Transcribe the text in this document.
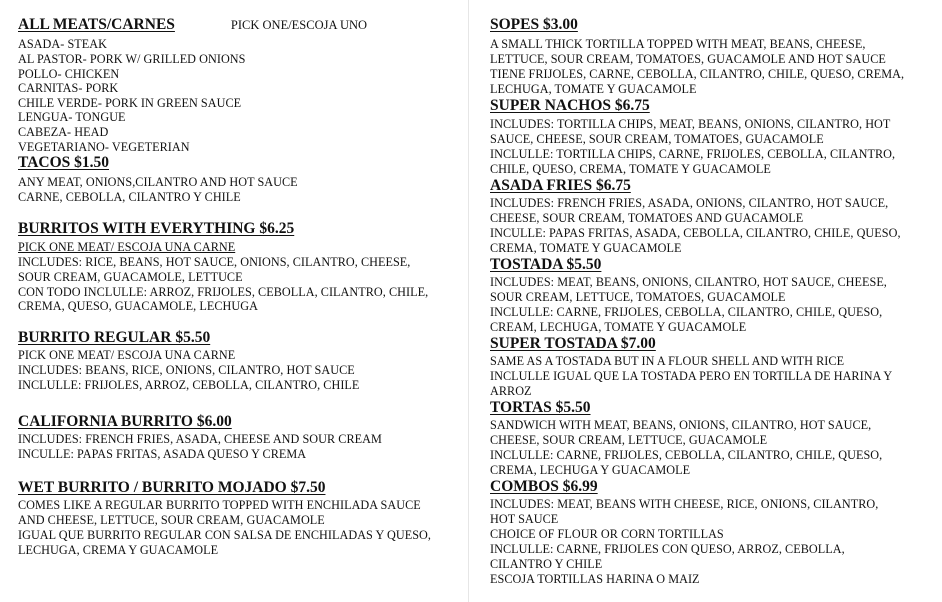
ALL MEATS/CARNES	PICK ONE/ESCOJA UNO
ASADA- STEAK
AL PASTOR- PORK W/ GRILLED ONIONS
POLLO- CHICKEN
CARNITAS- PORK
CHILE VERDE- PORK IN GREEN SAUCE
LENGUA- TONGUE
CABEZA- HEAD
VEGETARIANO- VEGETERIAN
TACOS $1.50
ANY MEAT, ONIONS,CILANTRO AND HOT SAUCE
CARNE, CEBOLLA, CILANTRO Y CHILE
BURRITOS WITH EVERYTHING $6.25
PICK ONE MEAT/ ESCOJA UNA CARNE
INCLUDES: RICE, BEANS, HOT SAUCE, ONIONS, CILANTRO, CHEESE,
SOUR CREAM, GUACAMOLE, LETTUCE
CON TODO INCLULLE: ARROZ, FRIJOLES, CEBOLLA, CILANTRO, CHILE,
CREMA, QUESO, GUACAMOLE, LECHUGA
BURRITO REGULAR $5.50
PICK ONE MEAT/ ESCOJA UNA CARNE
INCLUDES: BEANS, RICE, ONIONS, CILANTRO, HOT SAUCE
INCLULLE: FRIJOLES, ARROZ, CEBOLLA, CILANTRO, CHILE
CALIFORNIA BURRITO $6.00
INCLUDES: FRENCH FRIES, ASADA, CHEESE AND SOUR CREAM
INCULLE: PAPAS FRITAS, ASADA QUESO Y CREMA
WET BURRITO / BURRITO MOJADO $7.50
COMES LIKE A REGULAR BURRITO TOPPED WITH ENCHILADA SAUCE
AND CHEESE, LETTUCE, SOUR CREAM, GUACAMOLE
IGUAL QUE BURRITO REGULAR CON SALSA DE ENCHILADAS Y QUESO,
LECHUGA, CREMA Y GUACAMOLE
SOPES $3.00
A SMALL THICK TORTILLA TOPPED WITH MEAT, BEANS, CHEESE,
LETTUCE, SOUR CREAM, TOMATOES, GUACAMOLE AND HOT SAUCE
TIENE FRIJOLES, CARNE, CEBOLLA, CILANTRO, CHILE, QUESO, CREMA,
LECHUGA, TOMATE Y GUACAMOLE
SUPER NACHOS $6.75
INCLUDES: TORTILLA CHIPS, MEAT, BEANS, ONIONS, CILANTRO, HOT
SAUCE, CHEESE, SOUR CREAM, TOMATOES, GUACAMOLE
INCLULLE: TORTILLA CHIPS, CARNE, FRIJOLES, CEBOLLA, CILANTRO,
CHILE, QUESO, CREMA, TOMATE Y GUACAMOLE
ASADA FRIES $6.75
INCLUDES: FRENCH FRIES, ASADA, ONIONS, CILANTRO, HOT SAUCE,
CHEESE, SOUR CREAM, TOMATOES AND GUACAMOLE
INCULLE: PAPAS FRITAS, ASADA, CEBOLLA, CILANTRO, CHILE, QUESO,
CREMA, TOMATE Y GUACAMOLE
TOSTADA $5.50
INCLUDES: MEAT, BEANS, ONIONS, CILANTRO, HOT SAUCE, CHEESE,
SOUR CREAM, LETTUCE, TOMATOES, GUACAMOLE
INCLULLE: CARNE, FRIJOLES, CEBOLLA, CILANTRO, CHILE, QUESO,
CREAM, LECHUGA, TOMATE Y GUACAMOLE
SUPER TOSTADA $7.00
SAME AS A TOSTADA BUT IN A FLOUR SHELL AND WITH RICE
INCLULLE IGUAL QUE LA TOSTADA PERO EN TORTILLA DE HARINA Y
ARROZ
TORTAS $5.50
SANDWICH WITH MEAT, BEANS, ONIONS, CILANTRO, HOT SAUCE,
CHEESE, SOUR CREAM, LETTUCE, GUACAMOLE
INCLULLE: CARNE, FRIJOLES, CEBOLLA, CILANTRO, CHILE, QUESO,
CREMA, LECHUGA Y GUACAMOLE
COMBOS $6.99
INCLUDES: MEAT, BEANS WITH CHEESE, RICE, ONIONS, CILANTRO,
HOT SAUCE
CHOICE OF FLOUR OR CORN TORTILLAS
INCLULLE: CARNE, FRIJOLES CON QUESO, ARROZ, CEBOLLA,
CILANTRO Y CHILE
ESCOJA TORTILLAS HARINA O MAIZ
